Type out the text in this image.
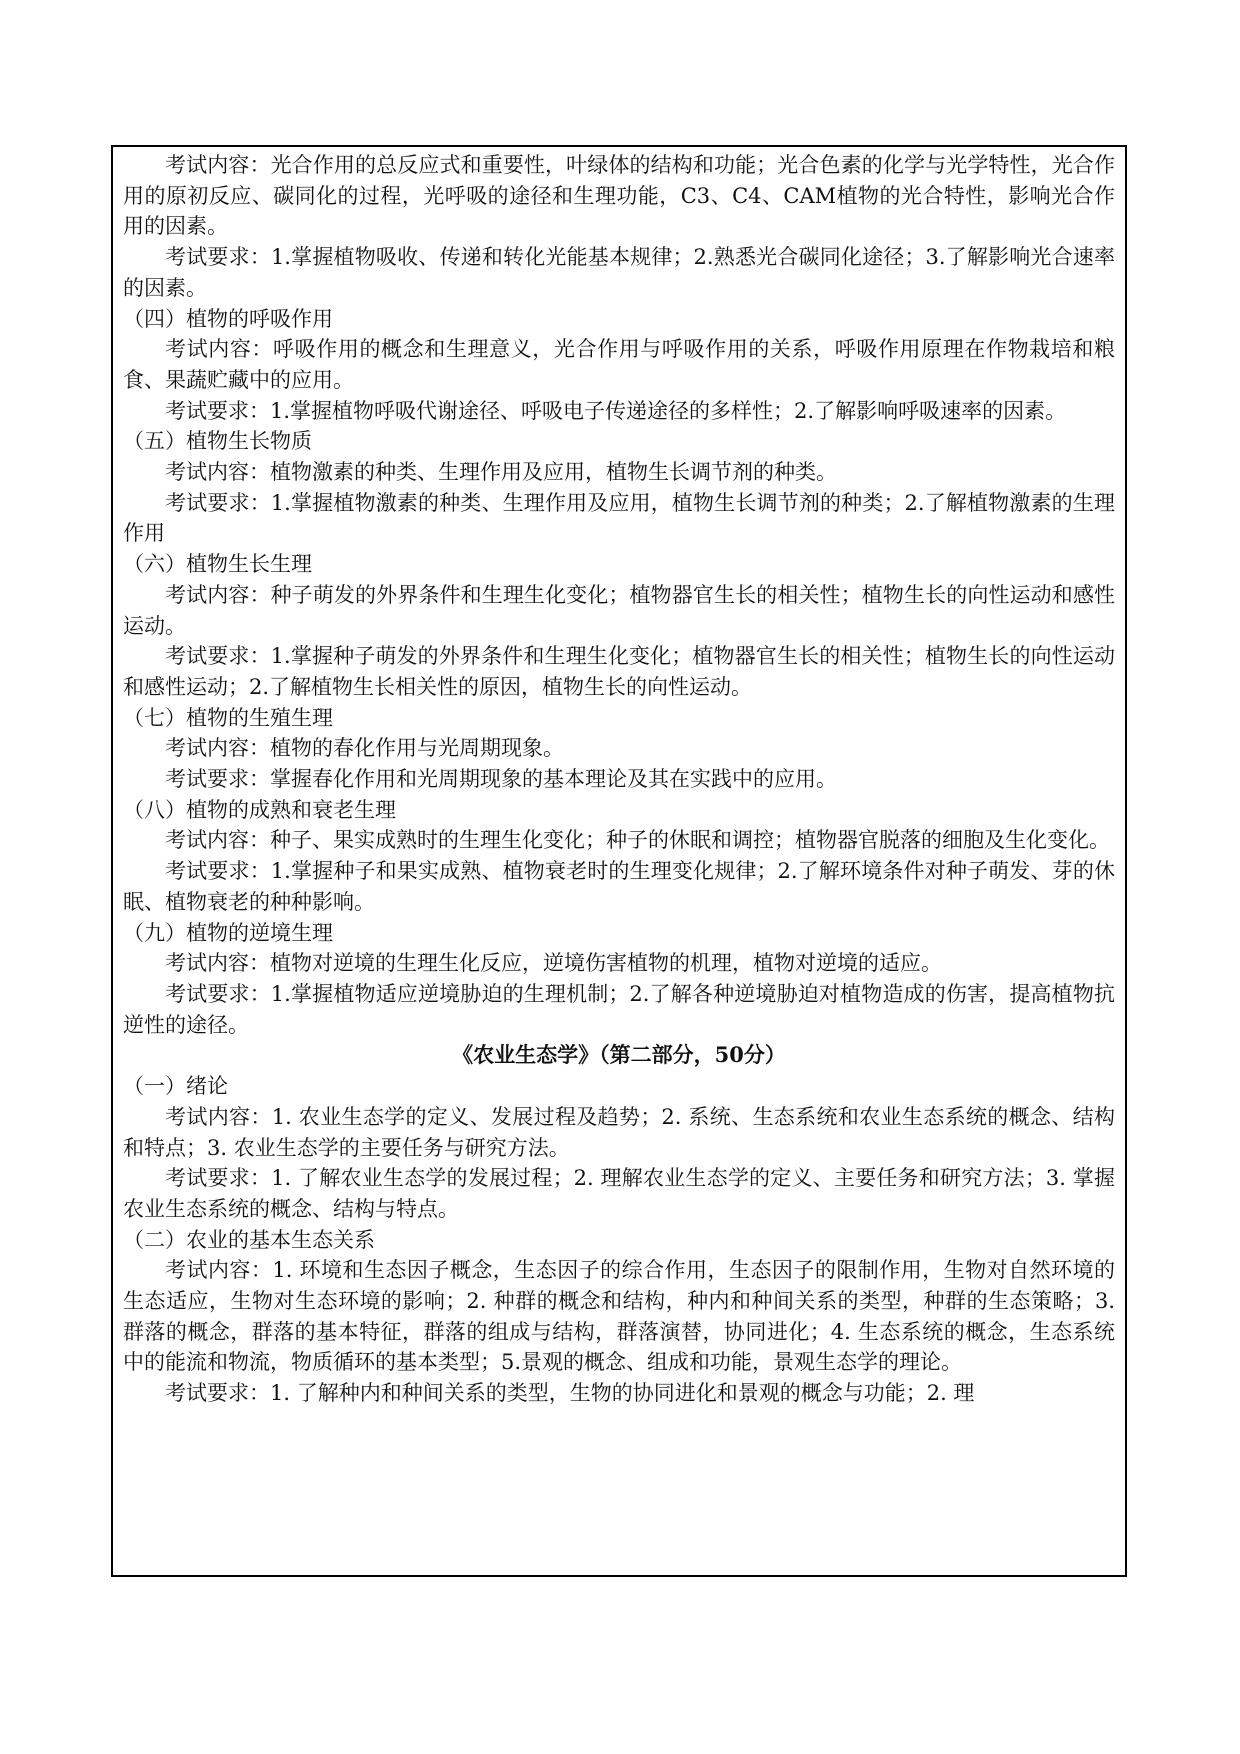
考试内容：光合作用的总反应式和重要性，叶绿体的结构和功能；光合色素的化学与光学特性，光合作用的原初反应、碳同化的过程，光呼吸的途径和生理功能，C3、C4、CAM植物的光合特性，影响光合作用的因素。

考试要求：1.掌握植物吸收、传递和转化光能基本规律；2.熟悉光合碳同化途径；3.了解影响光合速率的因素。

（四）植物的呼吸作用

考试内容：呼吸作用的概念和生理意义，光合作用与呼吸作用的关系，呼吸作用原理在作物栽培和粮食、果蔬贮藏中的应用。

考试要求：1.掌握植物呼吸代谢途径、呼吸电子传递途径的多样性；2.了解影响呼吸速率的因素。

（五）植物生长物质

考试内容：植物激素的种类、生理作用及应用，植物生长调节剂的种类。

考试要求：1.掌握植物激素的种类、生理作用及应用，植物生长调节剂的种类；2.了解植物激素的生理作用

（六）植物生长生理

考试内容：种子萌发的外界条件和生理生化变化；植物器官生长的相关性；植物生长的向性运动和感性运动。

考试要求：1.掌握种子萌发的外界条件和生理生化变化；植物器官生长的相关性；植物生长的向性运动和感性运动；2.了解植物生长相关性的原因，植物生长的向性运动。

（七）植物的生殖生理

考试内容：植物的春化作用与光周期现象。

考试要求：掌握春化作用和光周期现象的基本理论及其在实践中的应用。

（八）植物的成熟和衰老生理

考试内容：种子、果实成熟时的生理生化变化；种子的休眠和调控；植物器官脱落的细胞及生化变化。

考试要求：1.掌握种子和果实成熟、植物衰老时的生理变化规律；2.了解环境条件对种子萌发、芽的休眠、植物衰老的种种影响。

（九）植物的逆境生理

考试内容：植物对逆境的生理生化反应，逆境伤害植物的机理，植物对逆境的适应。

考试要求：1.掌握植物适应逆境胁迫的生理机制；2.了解各种逆境胁迫对植物造成的伤害，提高植物抗逆性的途径。

《农业生态学》（第二部分，50分）

（一）绪论

考试内容：1. 农业生态学的定义、发展过程及趋势；2. 系统、生态系统和农业生态系统的概念、结构和特点；3. 农业生态学的主要任务与研究方法。

考试要求：1. 了解农业生态学的发展过程；2. 理解农业生态学的定义、主要任务和研究方法；3. 掌握农业生态系统的概念、结构与特点。

（二）农业的基本生态关系

考试内容：1. 环境和生态因子概念，生态因子的综合作用，生态因子的限制作用，生物对自然环境的生态适应，生物对生态环境的影响；2. 种群的概念和结构，种内和种间关系的类型，种群的生态策略；3. 群落的概念，群落的基本特征，群落的组成与结构，群落演替，协同进化；4. 生态系统的概念，生态系统中的能流和物流，物质循环的基本类型；5.景观的概念、组成和功能，景观生态学的理论。

考试要求：1. 了解种内和种间关系的类型，生物的协同进化和景观的概念与功能；2. 理
